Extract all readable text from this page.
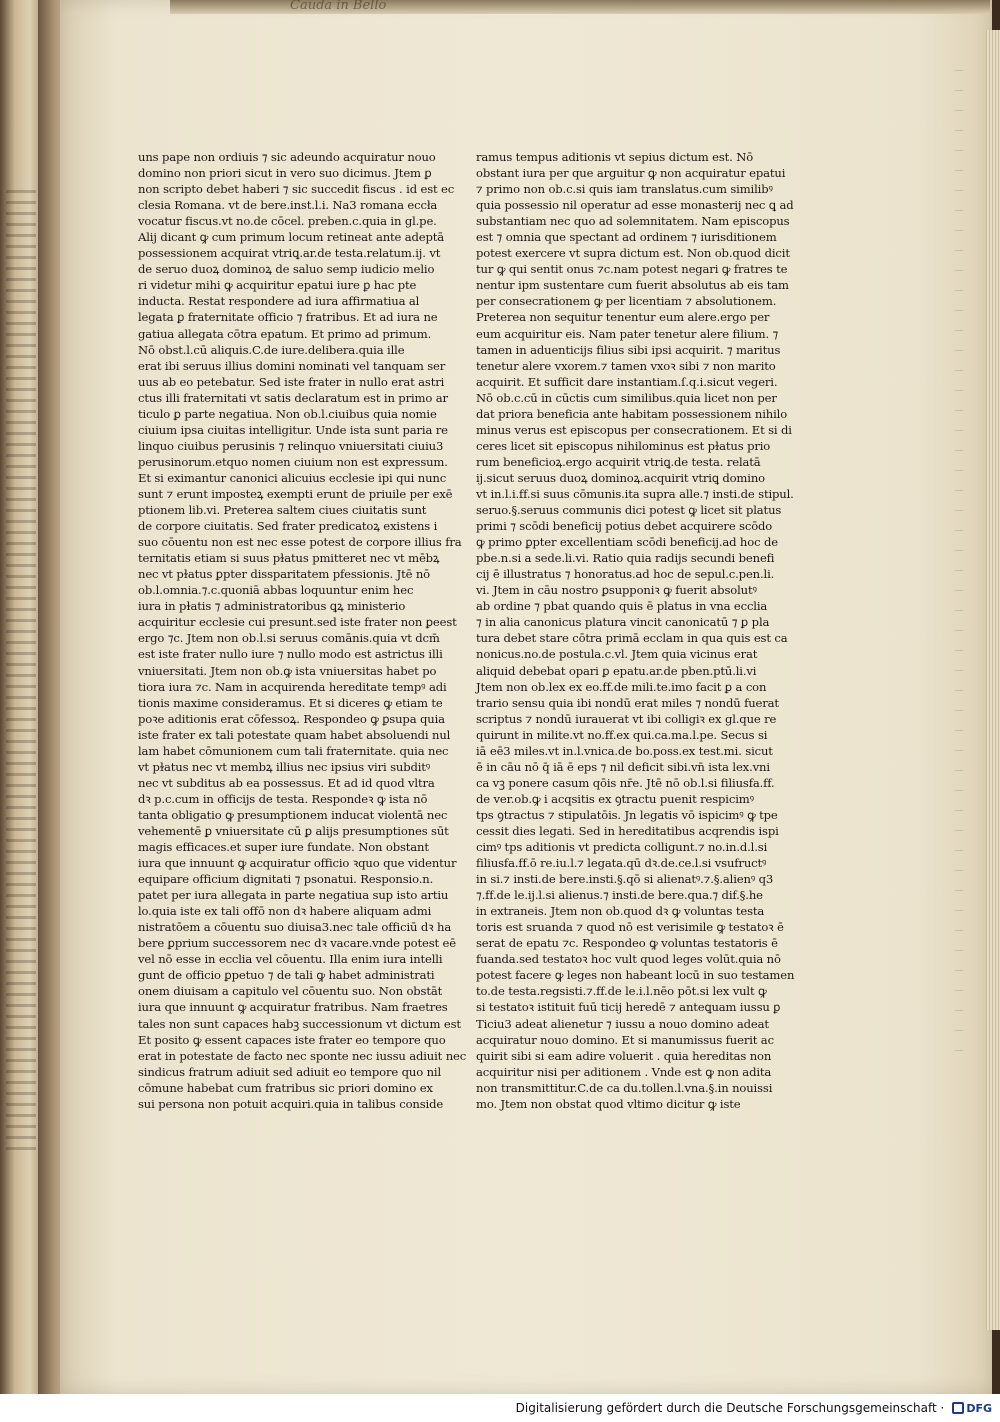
Cauda in Bello
uns pape non ordiuis ⁊ sic adeundo acquiratur nouo
domino non priori sicut in vero suo dicimus. Jtem ꝑ
non scripto debet haberi ⁊ sic succedit fiscus . id est ec
clesia Romana. vt de bere.inst.l.i. Na3 romana eccła
vocatur fiscus.vt no.de cōcel. preben.c.quia in gl.pe.
Alij dicant ꝙ cum primum locum retineat ante adeptā
possessionem acquirat vtriꝗ.ar.de testa.relatum.ij. vt
de seruo duoꝝ dominoꝝ de saluo semp iudicio melio
ri videtur mihi ꝙ acquiritur epatui iure ꝑ hac pte
inducta. Restat respondere ad iura affirmatiua al
legata ꝑ fraternitate officio ⁊ fratribus. Et ad iura ne
gatiua allegata cōtra epatum. Et primo ad primum.
Nō obst.l.cū aliquis.C.de iure.delibera.quia ille
erat ibi seruus illius domini nominati vel tanquam ser
uus ab eo petebatur. Sed iste frater in nullo erat astri
ctus illi fraternitati vt satis declaratum est in primo ar
ticulo ꝑ parte negatiua. Non ob.l.ciuibus quia nomie
ciuium ipsa ciuitas intelligitur. Unde ista sunt paria re
linquo ciuibus perusinis ⁊ relinquo vniuersitati ciuiu3
perusinorum.etquo nomen ciuium non est expressum.
Et si eximantur canonici alicuius ecclesie ipi qui nunc
sunt ⁊ erunt imposteꝝ exempti erunt de priuile per exē
ptionem lib.vi. Preterea saltem ciues ciuitatis sunt
de corpore ciuitatis. Sed frater predicatoꝝ existens i
suo cōuentu non est nec esse potest de corpore illius fra
ternitatis etiam si suus pɫatus pmitteret nec vt mēbꝝ
nec vt pɫatus ꝑpter dissparitatem pfessionis. Jtē nō
ob.l.omnia.⁊.c.quoniā abbas loquuntur enim hec
iura in pɫatis ⁊ administratoribus ꝗꝝ ministerio
acquiritur ecclesie cui presunt.sed iste frater non ꝑeest
ergo ⁊c. Jtem non ob.l.si seruus comānis.quia vt dcm̄
est iste frater nullo iure ⁊ nullo modo est astrictus illi
vniuersitati. Jtem non ob.ꝙ ista vniuersitas habet po
tiora iura ⁊c. Nam in acquirenda hereditate tempꝰ adi
tionis maxime consideramus. Et si diceres ꝙ etiam te
poꝛe aditionis erat cōfessoꝝ. Respondeo ꝙ ꝑsupa quia
iste frater ex tali potestate quam habet absoluendi nul
lam habet cōmunionem cum tali fraternitate. quia nec
vt pɫatus nec vt membꝝ illius nec ipsius viri subditꝰ
nec vt subditus ab ea possessus. Et ad id quod vltra
dꝛ p.c.cum in officijs de testa. Respondeꝛ ꝙ ista nō
tanta obligatio ꝙ presumptionem inducat violentā nec
vehementē ꝑ vniuersitate cū ꝑ alijs presumptiones sūt
magis efficaces.et super iure fundate. Non obstant
iura que innuunt ꝙ acquiratur officio ꝛquo que videntur
equipare officium dignitati ⁊ psonatui. Responsio.n.
patet per iura allegata in parte negatiua sup isto artiu
lo.quia iste ex tali offō non dꝛ habere aliquam admi
nistratōem a cōuentu suo diuisa3.nec tale officiū dꝛ ha
bere ꝑprium successorem nec dꝛ vacare.vnde potest eē
vel nō esse in ecclia vel cōuentu. Illa enim iura intelli
gunt de officio ꝑpetuo ⁊ de tali ꝙ habet administrati
onem diuisam a capitulo vel cōuentu suo. Non obstāt
iura que innuunt ꝙ acquiratur fratribus. Nam fraetres
tales non sunt capaces habꝫ successionum vt dictum est
Et posito ꝙ essent capaces iste frater eo tempore quo
erat in potestate de facto nec sponte nec iussu adiuit nec
sindicus fratrum adiuit sed adiuit eo tempore quo nil
cōmune habebat cum fratribus sic priori domino ex
sui persona non potuit acquiri.quia in talibus conside
ramus tempus aditionis vt sepius dictum est. Nō
obstant iura per que arguitur ꝙ non acquiratur epatui
⁊ primo non ob.c.si quis iam translatus.cum similibꝰ
quia possessio nil operatur ad esse monasterij nec ꝗ ad
substantiam nec quo ad solemnitatem. Nam episcopus
est ⁊ omnia que spectant ad ordinem ⁊ iurisditionem
potest exercere vt supra dictum est. Non ob.quod dicit
tur ꝙ qui sentit onus ⁊c.nam potest negari ꝙ fratres te
nentur ipm sustentare cum fuerit absolutus ab eis tam
per consecrationem ꝙ per licentiam ⁊ absolutionem.
Preterea non sequitur tenentur eum alere.ergo per
eum acquiritur eis. Nam pater tenetur alere filium. ⁊
tamen in aduenticijs filius sibi ipsi acquirit. ⁊ maritus
tenetur alere vxorem.⁊ tamen vxoꝛ sibi ⁊ non marito
acquirit. Et sufficit dare instantiam.ſ.q.i.sicut vegeri.
Nō ob.c.cū in cūctis cum similibus.quia licet non per
dat priora beneficia ante habitam possessionem nihilo
minus verus est episcopus per consecrationem. Et si di
ceres licet sit episcopus nihilominus est pɫatus prio
rum beneficioꝝ.ergo acquirit vtriꝗ.de testa. relatā
ij.sicut seruus duoꝝ dominoꝝ.acquirit vtriꝗ domino
vt in.l.i.ff.si suus cōmunis.ita supra alle.⁊ insti.de stipul.
seruo.§.seruus communis dici potest ꝙ licet sit platus
primi ⁊ scōdi beneficij potius debet acquirere scōdo
ꝙ primo ꝑpter excellentiam scōdi beneficij.ad hoc de
pbe.n.si a sede.li.vi. Ratio quia radijs secundi benefi
cij ē illustratus ⁊ honoratus.ad hoc de sepul.c.pen.li.
vi. Jtem in cāu nostro ꝑsupponiꝛ ꝙ fuerit absolutꝰ
ab ordine ⁊ pbat quando quis ē platus in vna ecclia
⁊ in alia canonicus platura vincit canonicatū ⁊ ꝑ pla
tura debet stare cōtra primā ecclam in qua quis est ca
nonicus.no.de postula.c.vl. Jtem quia vicinus erat
aliquid debebat opari ꝑ epatu.ar.de pben.ptū.li.vi
Jtem non ob.lex ex eo.ff.de mili.te.imo facit ꝑ a con
trario sensu quia ibi nondū erat miles ⁊ nondū fuerat
scriptus ⁊ nondū iurauerat vt ibi colligiꝛ ex gl.que re
quirunt in milite.vt no.ff.ex qui.ca.ma.l.pe. Secus si
iā eē3 miles.vt in.l.vnica.de bo.poss.ex test.mi. sicut
ē in cāu nō q̄ iā ē eps ⁊ nil deficit sibi.vn̄ ista lex.vni
ca vꝫ ponere casum qōis nr̄e. Jtē nō ob.l.si filiusfa.ff.
de ver.ob.ꝙ i acqsitis ex ꝯtractu puenit respicimꝰ
tps ꝯtractus ⁊ stipulatōis. Jn legatis vō ispicimꝰ ꝙ tpe
cessit dies legati. Sed in hereditatibus acqrendis ispi
cimꝰ tps aditionis vt predicta colligunt.⁊ no.in.d.l.si
filiusfa.ff.ō re.iu.l.⁊ legata.qū dꝛ.de.ce.l.si vsufructꝰ
in si.⁊ insti.de bere.insti.§.qō si alienatꝰ.⁊.§.alienꝰ q3
⁊.ff.de le.ij.l.si alienus.⁊ insti.de bere.qua.⁊ dif.§.he
in extraneis. Jtem non ob.quod dꝛ ꝙ voluntas testa
toris est sruanda ⁊ quod nō est verisimile ꝙ testatoꝛ ē
serat de epatu ⁊c. Respondeo ꝙ voluntas testatoris ē
fuanda.sed testatoꝛ hoc vult quod leges volūt.quia nō
potest facere ꝙ leges non habeant locū in suo testamen
to.de testa.regsisti.⁊.ff.de le.i.l.nēo pōt.si lex vult ꝙ
si testatoꝛ istituit fuū ticij heredē ⁊ anteꝗuam iussu ꝑ
Ticiu3 adeat alienetur ⁊ iussu a nouo domino adeat
acquiratur nouo domino. Et si manumissus fuerit ac
quirit sibi si eam adire voluerit . quia hereditas non
acquiritur nisi per aditionem . Vnde est ꝙ non adita
non transmittitur.C.de ca du.tollen.l.vna.§.in nouissi
mo. Jtem non obstat quod vltimo dicitur ꝙ iste
Digitalisierung gefördert durch die Deutsche Forschungsgemeinschaft · DFG
